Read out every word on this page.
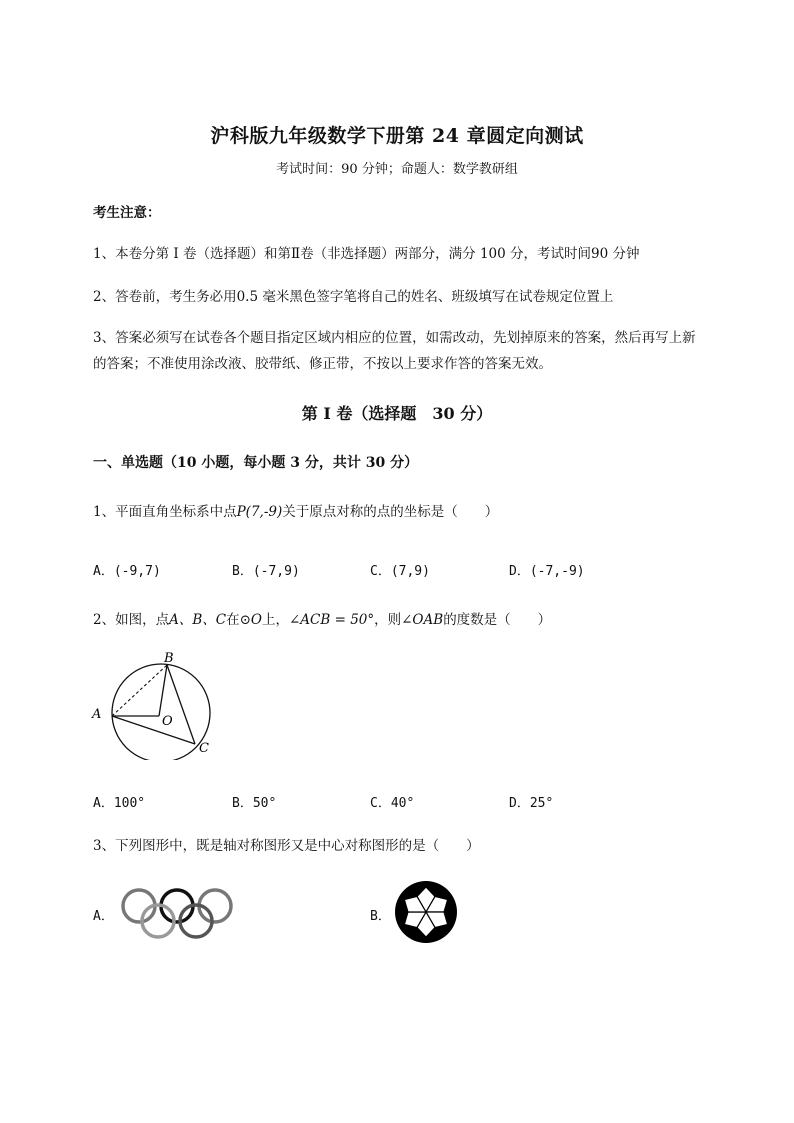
沪科版九年级数学下册第 24 章圆定向测试
考试时间：90 分钟；命题人：数学教研组
考生注意：
1、本卷分第 I 卷（选择题）和第Ⅱ卷（非选择题）两部分，满分 100 分，考试时间90 分钟
2、答卷前，考生务必用0.5 毫米黑色签字笔将自己的姓名、班级填写在试卷规定位置上
3、答案必须写在试卷各个题目指定区域内相应的位置，如需改动，先划掉原来的答案，然后再写上新
的答案；不准使用涂改液、胶带纸、修正带，不按以上要求作答的答案无效。
第 I 卷（选择题　30 分）
一、单选题（10 小题，每小题 3 分，共计 30 分）
1、平面直角坐标系中点P(7,-9)关于原点对称的点的坐标是（　　）
A．(-9,7)	B．(-7,9)	C．(7,9)	D．(-7,-9)
2、如图，点A、B、C在⊙O上，∠ACB = 50°，则∠OAB的度数是（　　）
A
B
C
O
A．100°	B．50°	C．40°	D．25°
3、下列图形中，既是轴对称图形又是中心对称图形的是（　　）
A．	B．
